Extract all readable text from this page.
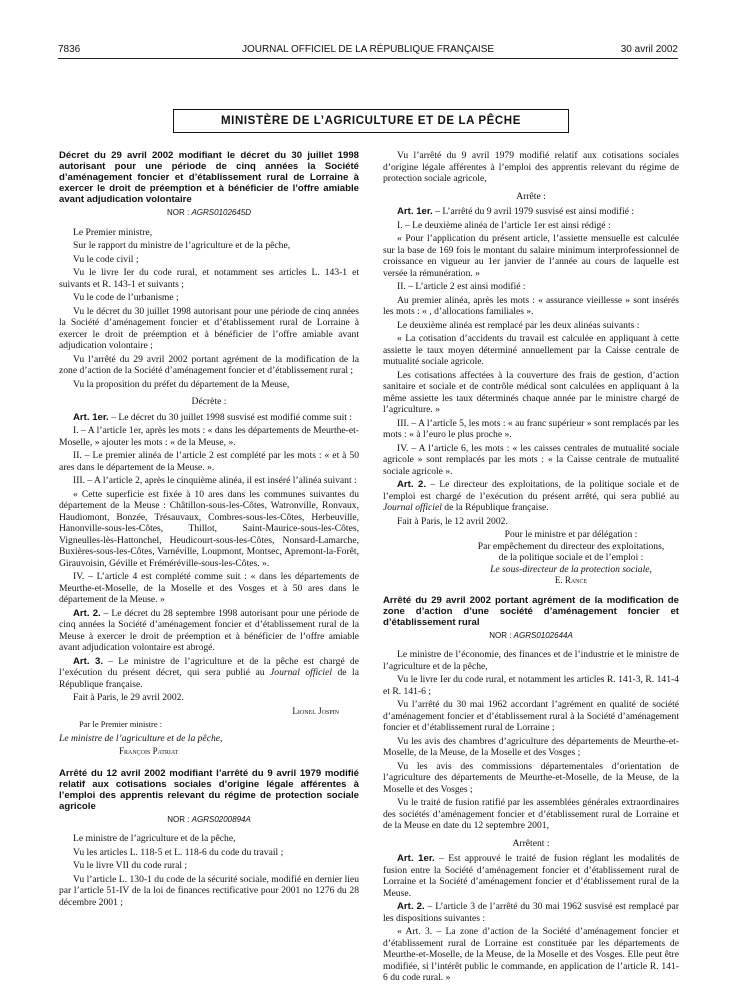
7836	JOURNAL OFFICIEL DE LA RÉPUBLIQUE FRANÇAISE	30 avril 2002
MINISTÈRE DE L’AGRICULTURE ET DE LA PÊCHE

Décret du 29 avril 2002 modifiant le décret du 30 juillet 1998 autorisant pour une période de cinq années la Société d’aménagement foncier et d’établissement rural de Lorraine à exercer le droit de préemption et à bénéficier de l’offre amiable avant adjudication volontaire

NOR : AGRS0102645D

Le Premier ministre,

Sur le rapport du ministre de l’agriculture et de la pêche,

Vu le code civil ;

Vu le livre Ier du code rural, et notamment ses articles L. 143-1 et suivants et R. 143-1 et suivants ;

Vu le code de l’urbanisme ;

Vu le décret du 30 juillet 1998 autorisant pour une période de cinq années la Société d’aménagement foncier et d’établissement rural de Lorraine à exercer le droit de préemption et à bénéficier de l’offre amiable avant adjudication volontaire ;

Vu l’arrêté du 29 avril 2002 portant agrément de la modification de la zone d’action de la Société d’aménagement foncier et d’établissement rural ;

Vu la proposition du préfet du département de la Meuse,

Décrète :

Art. 1er. – Le décret du 30 juillet 1998 susvisé est modifié comme suit :

I. – A l’article 1er, après les mots : « dans les départements de Meurthe-et-Moselle, » ajouter les mots : « de la Meuse, ».

II. – Le premier alinéa de l’article 2 est complété par les mots : « et à 50 ares dans le département de la Meuse. ».

III. – A l’article 2, après le cinquième alinéa, il est inséré l’alinéa suivant :

« Cette superficie est fixée à 10 ares dans les communes suivantes du département de la Meuse : Châtillon-sous-les-Côtes, Watronville, Ronvaux, Haudiomont, Bonzée, Trésauvaux, Combres-sous-les-Côtes, Herbeuville, Hanonville-sous-les-Côtes, Thillot, Saint-Maurice-sous-les-Côtes, Vigneulles-lès-Hattonchel, Heudicourt-sous-les-Côtes, Nonsard-Lamarche, Buxières-sous-les-Côtes, Varnéville, Loupmont, Montsec, Apremont-la-Forêt, Girauvoisin, Géville et Fréméréville-sous-les-Côtes. ».

IV. – L’article 4 est complété comme suit : « dans les départements de Meurthe-et-Moselle, de la Moselle et des Vosges et à 50 ares dans le département de la Meuse. »

Art. 2. – Le décret du 28 septembre 1998 autorisant pour une période de cinq années la Société d’aménagement foncier et d’établissement rural de la Meuse à exercer le droit de préemption et à bénéficier de l’offre amiable avant adjudication volontaire est abrogé.

Art. 3. – Le ministre de l’agriculture et de la pêche est chargé de l’exécution du présent décret, qui sera publié au Journal officiel de la République française.

Fait à Paris, le 29 avril 2002.

Lionel Jospin

Par le Premier ministre :

Le ministre de l’agriculture et de la pêche,

François Patriat

Arrêté du 12 avril 2002 modifiant l’arrêté du 9 avril 1979 modifié relatif aux cotisations sociales d’origine légale afférentes à l’emploi des apprentis relevant du régime de protection sociale agricole

NOR : AGRS0200894A

Le ministre de l’agriculture et de la pêche,

Vu les articles L. 118-5 et L. 118-6 du code du travail ;

Vu le livre VII du code rural ;

Vu l’article L. 130-1 du code de la sécurité sociale, modifié en dernier lieu par l’article 51-IV de la loi de finances rectificative pour 2001 no 1276 du 28 décembre 2001 ;

Vu l’arrêté du 9 avril 1979 modifié relatif aux cotisations sociales d’origine légale afférentes à l’emploi des apprentis relevant du régime de protection sociale agricole,

Arrête :

Art. 1er. – L’arrêté du 9 avril 1979 susvisé est ainsi modifié :

I. – Le deuxième alinéa de l’article 1er est ainsi rédigé :

« Pour l’application du présent article, l’assiette mensuelle est calculée sur la base de 169 fois le montant du salaire minimum interprofessionnel de croissance en vigueur au 1er janvier de l’année au cours de laquelle est versée la rémunération. »

II. – L’article 2 est ainsi modifié :

Au premier alinéa, après les mots : « assurance vieillesse » sont insérés les mots : « , d’allocations familiales ».

Le deuxième alinéa est remplacé par les deux alinéas suivants :

« La cotisation d’accidents du travail est calculée en appliquant à cette assiette le taux moyen déterminé annuellement par la Caisse centrale de mutualité sociale agricole.

Les cotisations affectées à la couverture des frais de gestion, d’action sanitaire et sociale et de contrôle médical sont calculées en appliquant à la même assiette les taux déterminés chaque année par le ministre chargé de l’agriculture. »

III. – A l’article 5, les mots : « au franc supérieur » sont remplacés par les mots : « à l’euro le plus proche ».

IV. – A l’article 6, les mots : « les caisses centrales de mutualité sociale agricole » sont remplacés par les mots : « la Caisse centrale de mutualité sociale agricole ».

Art. 2. – Le directeur des exploitations, de la politique sociale et de l’emploi est chargé de l’exécution du présent arrêté, qui sera publié au Journal officiel de la République française.

Fait à Paris, le 12 avril 2002.

Pour le ministre et par délégation :

Par empêchement du directeur des exploitations,

de la politique sociale et de l’emploi :

Le sous-directeur de la protection sociale,

E. Rance

Arrêté du 29 avril 2002 portant agrément de la modification de zone d’action d’une société d’aménagement foncier et d’établissement rural

NOR : AGRS0102644A

Le ministre de l’économie, des finances et de l’industrie et le ministre de l’agriculture et de la pêche,

Vu le livre Ier du code rural, et notamment les articles R. 141-3, R. 141-4 et R. 141-6 ;

Vu l’arrêté du 30 mai 1962 accordant l’agrément en qualité de société d’aménagement foncier et d’établissement rural à la Société d’aménagement foncier et d’établissement rural de Lorraine ;

Vu les avis des chambres d’agriculture des départements de Meurthe-et-Moselle, de la Meuse, de la Moselle et des Vosges ;

Vu les avis des commissions départementales d’orientation de l’agriculture des départements de Meurthe-et-Moselle, de la Meuse, de la Moselle et des Vosges ;

Vu le traité de fusion ratifié par les assemblées générales extraordinaires des sociétés d’aménagement foncier et d’établissement rural de Lorraine et de la Meuse en date du 12 septembre 2001,

Arrêtent :

Art. 1er. – Est approuvé le traité de fusion réglant les modalités de fusion entre la Société d’aménagement foncier et d’établissement rural de Lorraine et la Société d’aménagement foncier et d’établissement rural de la Meuse.

Art. 2. – L’article 3 de l’arrêté du 30 mai 1962 susvisé est remplacé par les dispositions suivantes :

« Art. 3. – La zone d’action de la Société d’aménagement foncier et d’établissement rural de Lorraine est constituée par les départements de Meurthe-et-Moselle, de la Meuse, de la Moselle et des Vosges. Elle peut être modifiée, si l’intérêt public le commande, en application de l’article R. 141-6 du code rural. »
